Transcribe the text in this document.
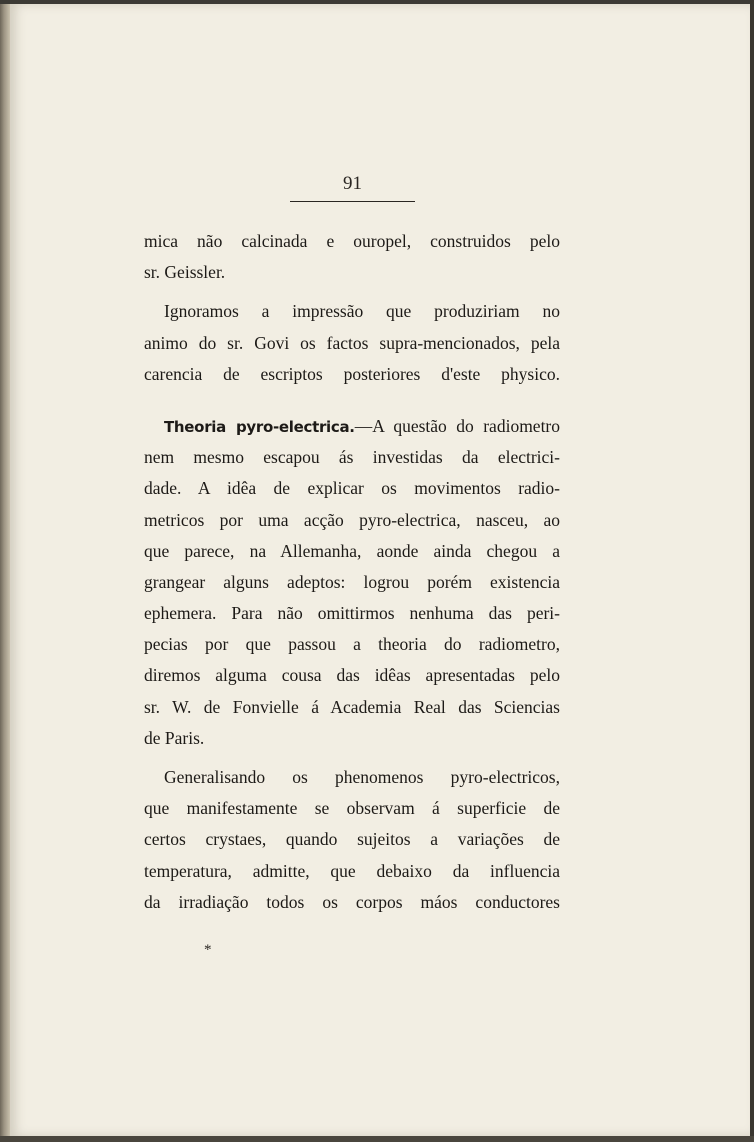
91
mica não calcinada e ouropel, construidos pelo
sr. Geissler.
Ignoramos a impressão que produziriam no
animo do sr. Govi os factos supra-mencionados, pela
carencia de escriptos posteriores d'este physico.
Theoria pyro-electrica.—A questão do radiometro
nem mesmo escapou ás investidas da electrici-
dade. A idêa de explicar os movimentos radio-
metricos por uma acção pyro-electrica, nasceu, ao
que parece, na Allemanha, aonde ainda chegou a
grangear alguns adeptos: logrou porém existencia
ephemera. Para não omittirmos nenhuma das peri-
pecias por que passou a theoria do radiometro,
diremos alguma cousa das idêas apresentadas pelo
sr. W. de Fonvielle á Academia Real das Sciencias
de Paris.
Generalisando os phenomenos pyro-electricos,
que manifestamente se observam á superficie de
certos crystaes, quando sujeitos a variações de
temperatura, admitte, que debaixo da influencia
da irradiação todos os corpos máos conductores
*
